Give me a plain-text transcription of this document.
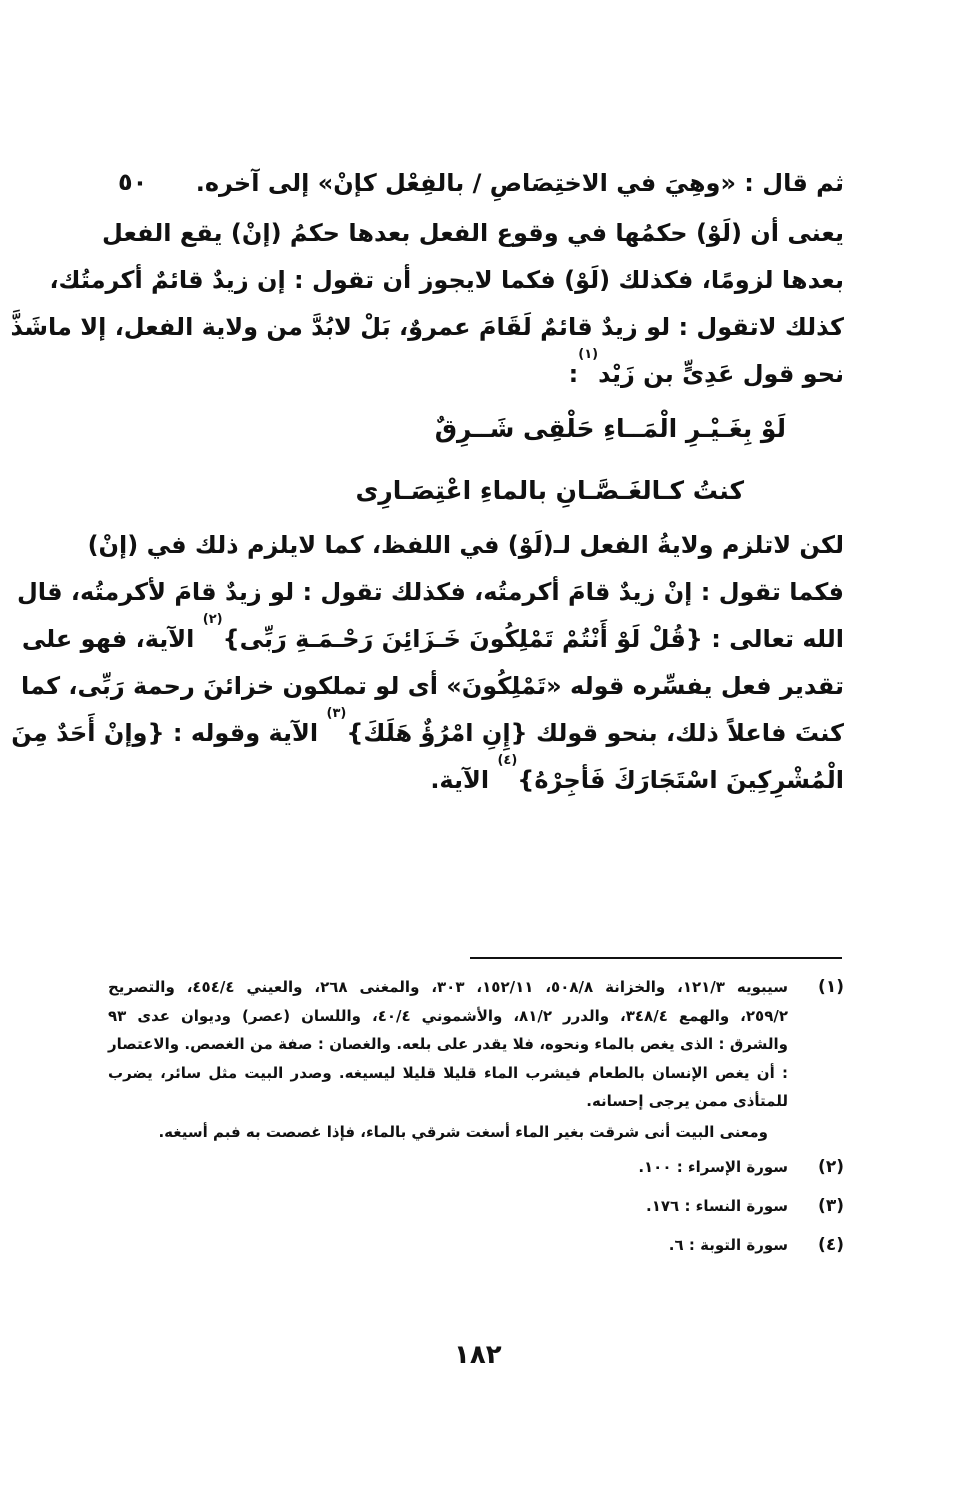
٥٠	ثم قال : «وهِيَ في الاختِصَاصِ / بالفِعْل كإنْ» إلى آخره.
يعنى أن (لَوْ) حكمُها في وقوع الفعل بعدها حكمُ (إنْ) يقع الفعل
بعدها لزومًا، فكذلك (لَوْ) فكما لايجوز أن تقول : إن زيدٌ قائمٌ أكرمتُك،
كذلك لاتقول : لو زيدٌ قائمٌ لَقَامَ عمروٌ، بَلْ لابُدَّ من ولاية الفعل، إلا ماشَذَّ
نحو قول عَدِىٍّ بن زَيْد$^{(١)}$:
لَوْ بِغَـيْـرِ الْمَــاءِ حَلْقِى شَــرِقٌ
كنتُ كـالغَـصَّـانِ بالماءِ اعْتِصَـارِى
لكن لاتلزم ولايةُ الفعل لـ(لَوْ) في اللفظ، كما لايلزم ذلك في (إنْ)
فكما تقول : إنْ زيدٌ قامَ أكرمتُه، فكذلك تقول : لو زيدٌ قامَ لأكرمتُه، قال
الله تعالى : {قُلْ لَوْ أَنْتُمْ تَمْلِكُونَ خَـزَائِنَ رَحْـمَـةِ رَبِّى}$^{(٢)}$ الآية، فهو على
تقدير فعل يفسِّره قوله «تَمْلِكُونَ» أى لو تملكون خزائنَ رحمة رَبِّى، كما
كنتَ فاعلاً ذلك، بنحو قولك {إِنِ امْرُؤٌ هَلَكَ}$^{(٣)}$ الآية وقوله : {وإنْ أَحَدٌ مِنَ
الْمُشْرِكِينَ اسْتَجَارَكَ فَأجِرْهُ}$^{(٤)}$ الآية.
(١)
سيبويه ١٢١/٣، والخزانة ٥٠٨/٨، ١٥٢/١١، ٣٠٣، والمغنى ٢٦٨، والعيني ٤٥٤/٤، والتصريح
٢٥٩/٢، والهمع ٣٤٨/٤، والدرر ٨١/٢، والأشموني ٤٠/٤، واللسان (عصر) وديوان عدى ٩٣
والشرق : الذى يغص بالماء ونحوه، فلا يقدر على بلعه. والغصان : صفة من الغصص. والاعتصار
: أن يغص الإنسان بالطعام فيشرب الماء قليلا قليلا ليسيغه. وصدر البيت مثل سائر، يضرب
للمتأذى ممن يرجى إحسانه.
ومعنى البيت أنى شرقت بغير الماء أسغت شرقي بالماء، فإذا غصصت به فبم أسيغه.
(٢)
سورة الإسراء : ١٠٠.
(٣)
سورة النساء : ١٧٦.
(٤)
سورة التوبة : ٦.
١٨٢
